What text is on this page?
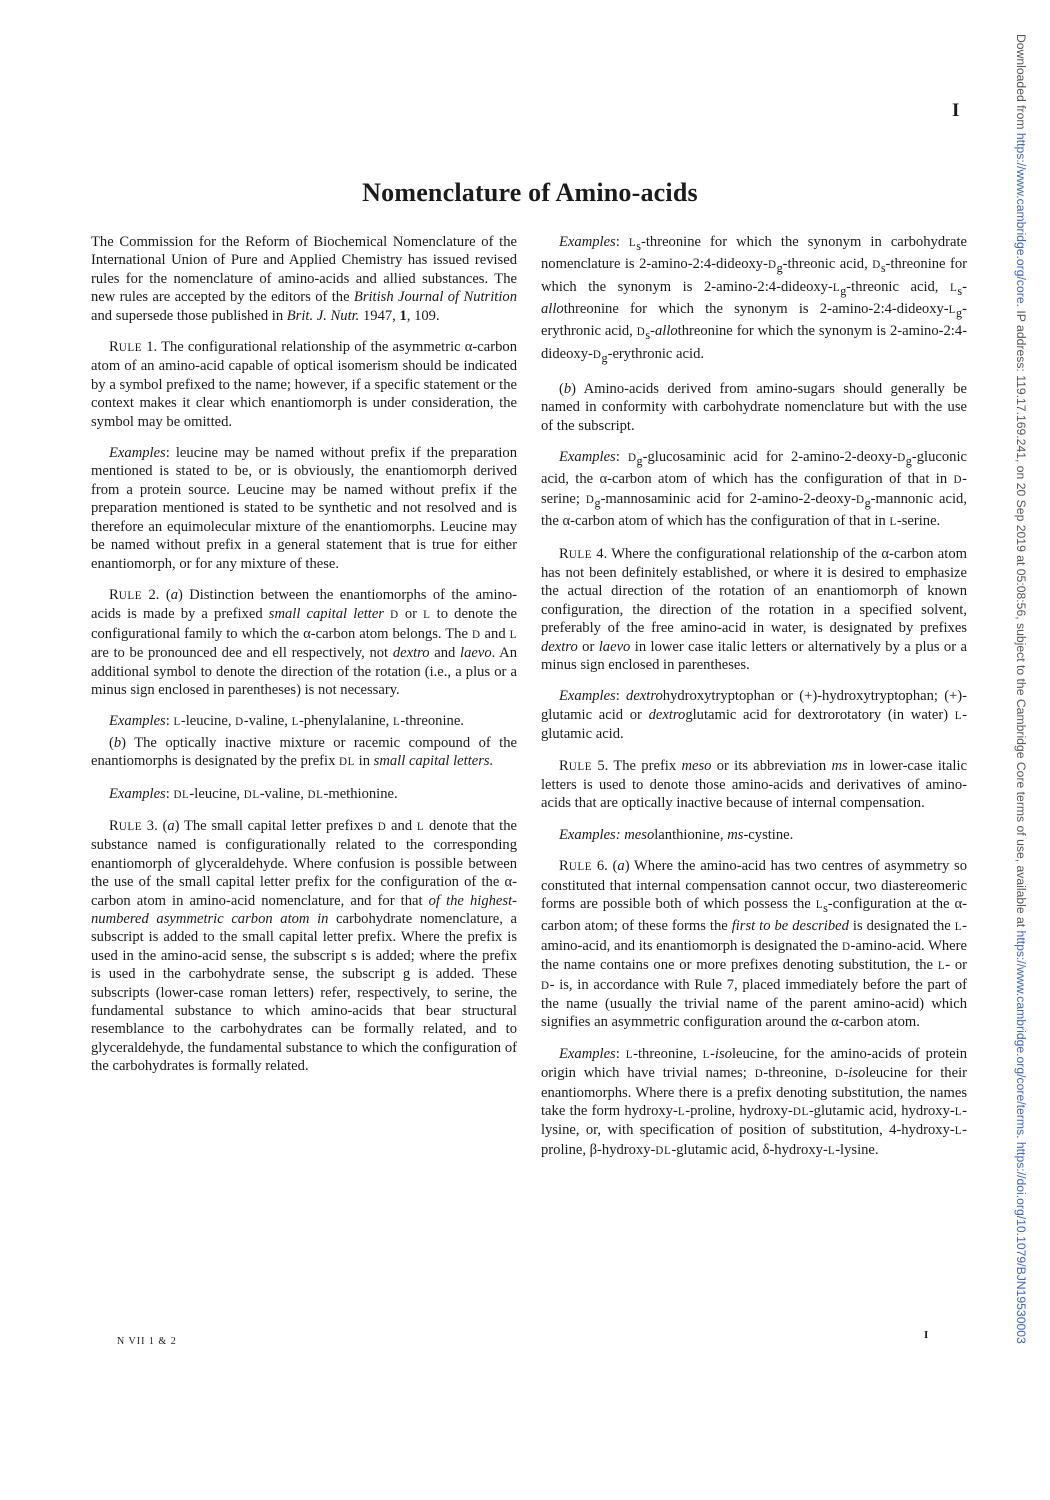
I

Nomenclature of Amino-acids

The Commission for the Reform of Biochemical Nomenclature of the International Union of Pure and Applied Chemistry has issued revised rules for the nomenclature of amino-acids and allied substances. The new rules are accepted by the editors of the British Journal of Nutrition and supersede those published in Brit. J. Nutr. 1947, 1, 109.

RULE 1. The configurational relationship of the asymmetric α-carbon atom of an amino-acid capable of optical isomerism should be indicated by a symbol prefixed to the name; however, if a specific statement or the context makes it clear which enantiomorph is under consideration, the symbol may be omitted.

Examples: leucine may be named without prefix if the preparation mentioned is stated to be, or is obviously, the enantiomorph derived from a protein source. Leucine may be named without prefix if the preparation mentioned is stated to be synthetic and not resolved and is therefore an equimolecular mixture of the enantiomorphs. Leucine may be named without prefix in a general statement that is true for either enantiomorph, or for any mixture of these.

RULE 2. (a) Distinction between the enantiomorphs of the amino-acids is made by a prefixed small capital letter D or L to denote the configurational family to which the α-carbon atom belongs. The D and L are to be pronounced dee and ell respectively, not dextro and laevo. An additional symbol to denote the direction of the rotation (i.e., a plus or a minus sign enclosed in parentheses) is not necessary.

Examples: L-leucine, D-valine, L-phenylalanine, L-threonine.

(b) The optically inactive mixture or racemic compound of the enantiomorphs is designated by the prefix DL in small capital letters.

Examples: DL-leucine, DL-valine, DL-methionine.

RULE 3. (a) The small capital letter prefixes D and L denote that the substance named is configurationally related to the corresponding enantiomorph of glyceraldehyde. Where confusion is possible between the use of the small capital letter prefix for the configuration of the α-carbon atom in amino-acid nomenclature, and for that of the highest-numbered asymmetric carbon atom in carbohydrate nomenclature, a subscript is added to the small capital letter prefix. Where the prefix is used in the amino-acid sense, the subscript s is added; where the prefix is used in the carbohydrate sense, the subscript g is added. These subscripts (lower-case roman letters) refer, respectively, to serine, the fundamental substance to which amino-acids that bear structural resemblance to the carbohydrates can be formally related, and to glyceraldehyde, the fundamental substance to which the configuration of the carbohydrates is formally related.

Examples: $L_s$-threonine for which the synonym in carbohydrate nomenclature is $2-amino-2:4-dideoxy-D_g$-threonic acid, $D_s$-threonine for which the synonym is $2-amino-2:4-dideoxy-L_g$-threonic acid, $L_s$-allothreonine for which the synonym is $2-amino-2:4-dideoxy-L_g$-erythronic acid, $D_s$-allothreonine for which the synonym is $2-amino-2:4-dideoxy-D_g$-erythronic acid.

(b) Amino-acids derived from amino-sugars should generally be named in conformity with carbohydrate nomenclature but with the use of the subscript.

Examples: $D_g$-glucosaminic acid for $2-amino-2-deoxy-D_g$-gluconic acid, the α-carbon atom of which has the configuration of that in D-serine; $D_g$-mannosaminic acid for $2-amino-2-deoxy-D_g$-mannonic acid, the α-carbon atom of which has the configuration of that in L-serine.

RULE 4. Where the configurational relationship of the α-carbon atom has not been definitely established, or where it is desired to emphasize the actual direction of the rotation of an enantiomorph of known configuration, the direction of the rotation in a specified solvent, preferably of the free amino-acid in water, is designated by prefixes dextro or laevo in lower case italic letters or alternatively by a plus or a minus sign enclosed in parentheses.

Examples: dextrohydroxytryptophan or (+)-hydroxytryptophan; (+)-glutamic acid or dextroglutamic acid for dextrorotatory (in water) L-glutamic acid.

RULE 5. The prefix meso or its abbreviation ms in lower-case italic letters is used to denote those amino-acids and derivatives of amino-acids that are optically inactive because of internal compensation.

Examples: mesolanthionine, ms-cystine.

RULE 6. (a) Where the amino-acid has two centres of asymmetry so constituted that internal compensation cannot occur, two diastereomeric forms are possible both of which possess the $L_s$-configuration at the α-carbon atom; of these forms the first to be described is designated the L-amino-acid, and its enantiomorph is designated the D-amino-acid. Where the name contains one or more prefixes denoting substitution, the L- or D- is, in accordance with Rule 7, placed immediately before the part of the name (usually the trivial name of the parent amino-acid) which signifies an asymmetric configuration around the α-carbon atom.

Examples: L-threonine, L-isoleucine, for the amino-acids of protein origin which have trivial names; D-threonine, D-isoleucine for their enantiomorphs. Where there is a prefix denoting substitution, the names take the form hydroxy-L-proline, hydroxy-DL-glutamic acid, hydroxy-L-lysine, or, with specification of position of substitution, 4-hydroxy-L-proline, β-hydroxy-DL-glutamic acid, δ-hydroxy-L-lysine.

N VII 1 & 2

I

Downloaded from https://www.cambridge.org/core. IP address: 119.17.169.241, on 20 Sep 2019 at 05:08:56, subject to the Cambridge Core terms of use, available at https://www.cambridge.org/core/terms. https://doi.org/10.1079/BJN19530003
